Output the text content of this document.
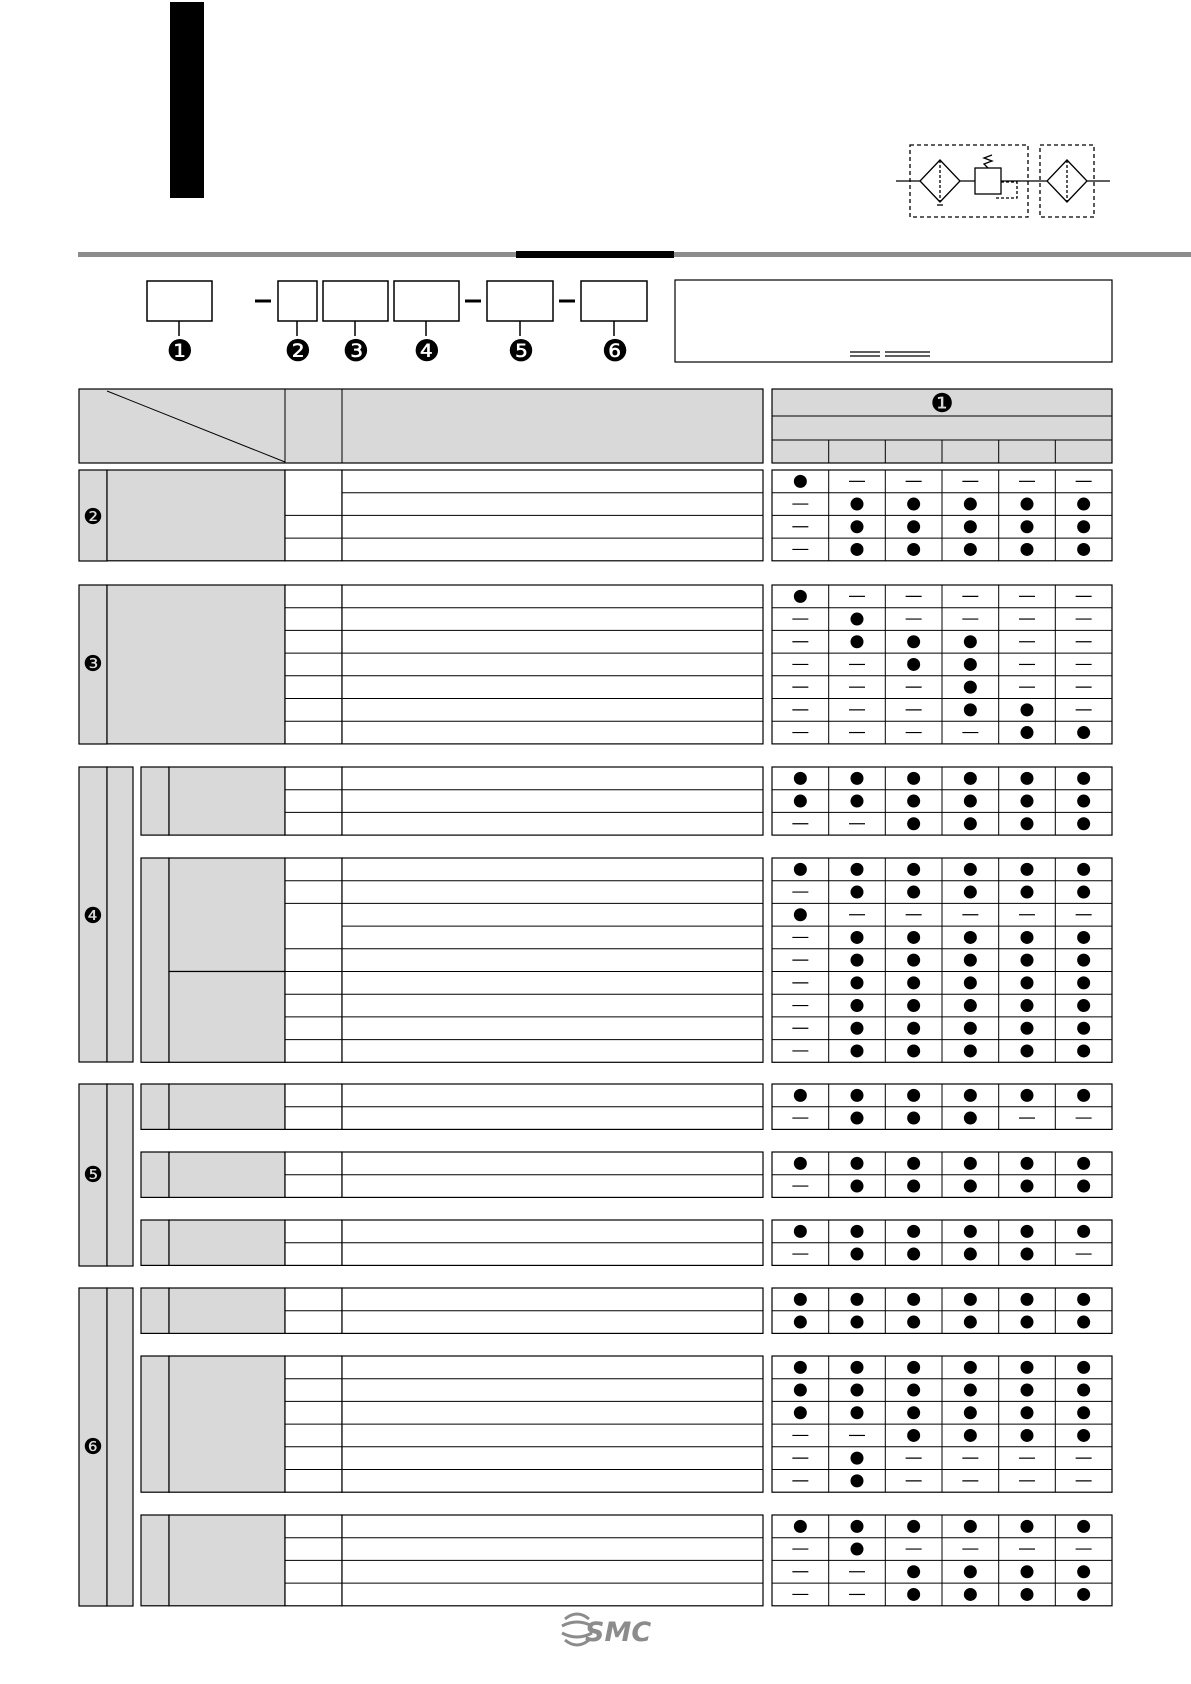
❶	❷ ❸ ❹ ❺ ❻
❶
❷
❸
❹
❺
❻
SMC
